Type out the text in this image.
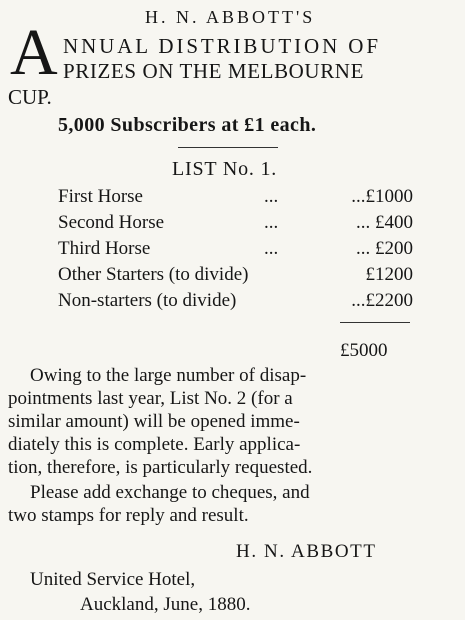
H. N. ABBOTT'S
A NNUAL DISTRIBUTION OF
PRIZES ON THE MELBOURNE
CUP.
5,000 Subscribers at £1 each.
LIST No. 1.
First Horse	...	...£1000
Second Horse	...	... £400
Third Horse	...	... £200
Other Starters (to divide)	£1200
Non-starters (to divide)	...£2200
£5000
Owing to the large number of disap-
pointments last year, List No. 2 (for a
similar amount) will be opened imme-
diately this is complete. Early applica-
tion, therefore, is particularly requested.
Please add exchange to cheques, and
two stamps for reply and result.
H. N. ABBOTT
United Service Hotel,
Auckland, June, 1880.
